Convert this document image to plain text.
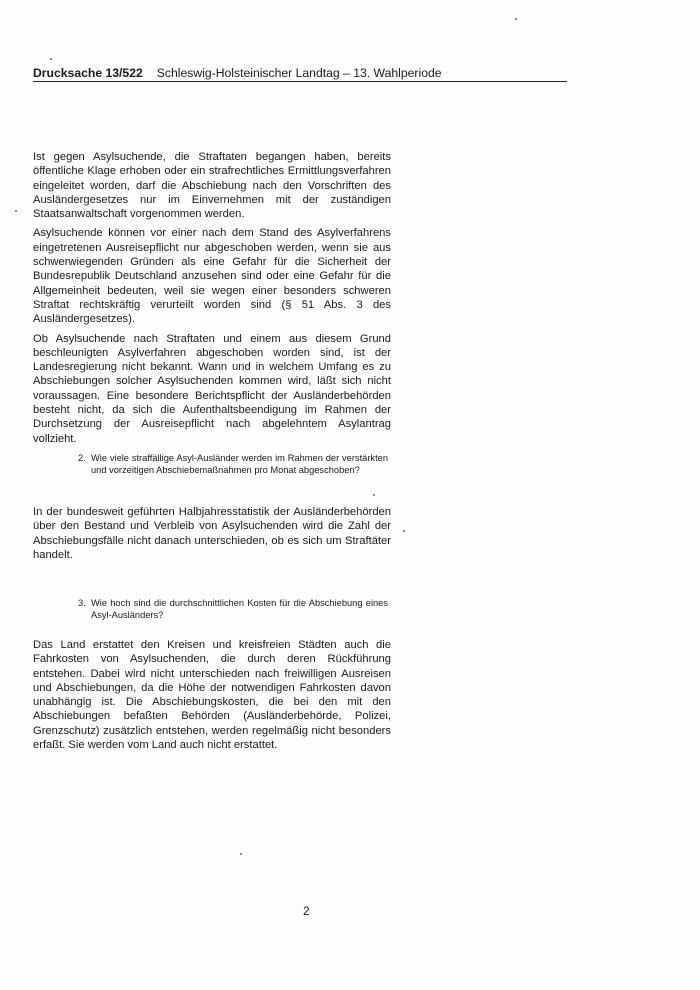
Drucksache 13/522 Schleswig-Holsteinischer Landtag – 13. Wahlperiode

Ist gegen Asylsuchende, die Straftaten begangen haben, bereits öffentliche Klage erhoben oder ein strafrechtliches Ermittlungsverfahren eingeleitet worden, darf die Abschiebung nach den Vorschriften des Ausländergesetzes nur im Einvernehmen mit der zuständigen Staatsanwaltschaft vorgenommen werden.

Asylsuchende können vor einer nach dem Stand des Asylverfahrens eingetretenen Ausreisepflicht nur abgeschoben werden, wenn sie aus schwerwiegenden Gründen als eine Gefahr für die Sicherheit der Bundesrepublik Deutschland anzusehen sind oder eine Gefahr für die Allgemeinheit bedeuten, weil sie wegen einer besonders schweren Straftat rechtskräftig verurteilt worden sind (§ 51 Abs. 3 des Ausländergesetzes).

Ob Asylsuchende nach Straftaten und einem aus diesem Grund beschleunigten Asylverfahren abgeschoben worden sind, ist der Landesregierung nicht bekannt. Wann und in welchem Umfang es zu Abschiebungen solcher Asylsuchenden kommen wird, läßt sich nicht voraussagen. Eine besondere Berichtspflicht der Ausländerbehörden besteht nicht, da sich die Aufenthaltsbeendigung im Rahmen der Durchsetzung der Ausreisepflicht nach abgelehntem Asylantrag vollzieht.

2. Wie viele straffällige Asyl-Ausländer werden im Rahmen der verstärkten und vorzeitigen Abschiebemaßnahmen pro Monat abgeschoben?

In der bundesweit geführten Halbjahresstatistik der Ausländerbehörden über den Bestand und Verbleib von Asylsuchenden wird die Zahl der Abschiebungsfälle nicht danach unterschieden, ob es sich um Straftäter handelt.

3. Wie hoch sind die durchschnittlichen Kosten für die Abschiebung eines Asyl-Ausländers?

Das Land erstattet den Kreisen und kreisfreien Städten auch die Fahrkosten von Asylsuchenden, die durch deren Rückführung entstehen. Dabei wird nicht unterschieden nach freiwilligen Ausreisen und Abschiebungen, da die Höhe der notwendigen Fahrkosten davon unabhängig ist. Die Abschiebungskosten, die bei den mit den Abschiebungen befaßten Behörden (Ausländerbehörde, Polizei, Grenzschutz) zusätzlich entstehen, werden regelmäßig nicht besonders erfaßt. Sie werden vom Land auch nicht erstattet.

2
